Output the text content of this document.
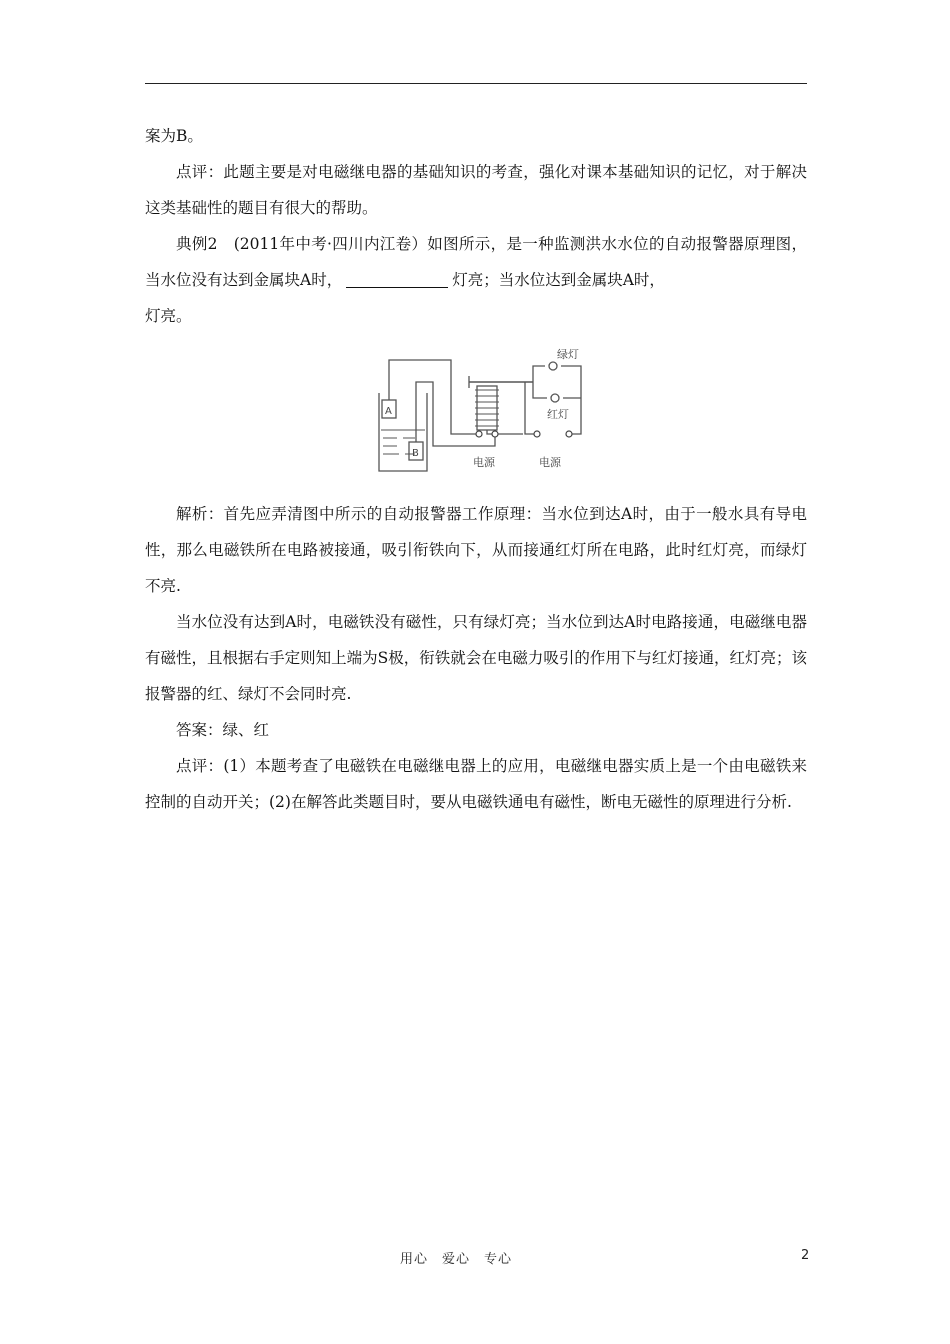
案为B。

点评：此题主要是对电磁继电器的基础知识的考查，强化对课本基础知识的记忆，对于解决这类基础性的题目有很大的帮助。

典例2　(2011年中考·四川内江卷）如图所示，是一种监测洪水水位的自动报警器原理图，当水位没有达到金属块A时，	灯亮；当水位达到金属块A时，

灯亮。

A
B
绿灯
红灯
电源	电源

解析：首先应弄清图中所示的自动报警器工作原理：当水位到达A时，由于一般水具有导电性，那么电磁铁所在电路被接通，吸引衔铁向下，从而接通红灯所在电路，此时红灯亮，而绿灯不亮.

当水位没有达到A时，电磁铁没有磁性，只有绿灯亮；当水位到达A时电路接通，电磁继电器有磁性，且根据右手定则知上端为S极，衔铁就会在电磁力吸引的作用下与红灯接通，红灯亮；该报警器的红、绿灯不会同时亮.

答案：绿、红

点评：(1）本题考查了电磁铁在电磁继电器上的应用，电磁继电器实质上是一个由电磁铁来控制的自动开关；(2)在解答此类题目时，要从电磁铁通电有磁性，断电无磁性的原理进行分析.

用心　爱心　专心	2
